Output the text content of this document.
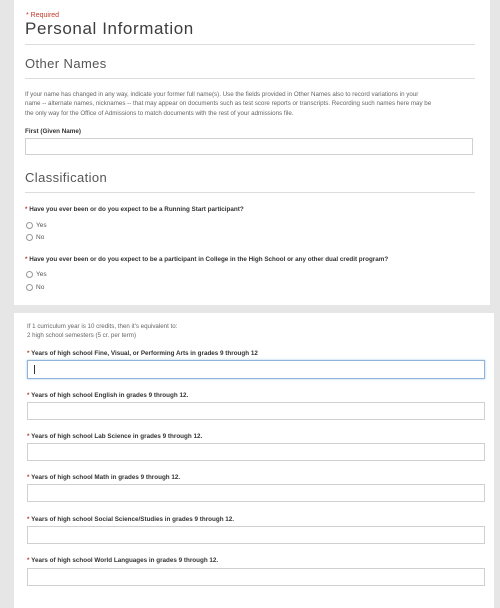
* Required
Personal Information
Other Names
If your name has changed in any way, indicate your former full name(s). Use the fields provided in Other Names also to record variations in your
name -- alternate names, nicknames -- that may appear on documents such as test score reports or transcripts. Recording such names here may be
the only way for the Office of Admissions to match documents with the rest of your admissions file.
First (Given Name)
Classification
* Have you ever been or do you expect to be a Running Start participant?
Yes
No
* Have you ever been or do you expect to be a participant in College in the High School or any other dual credit program?
Yes
No
If 1 curriculum year is 10 credits, then it's equivalent to:
2 high school semesters (5 cr. per term)
* Years of high school Fine, Visual, or Performing Arts in grades 9 through 12
* Years of high school English in grades 9 through 12.
* Years of high school Lab Science in grades 9 through 12.
* Years of high school Math in grades 9 through 12.
* Years of high school Social Science/Studies in grades 9 through 12.
* Years of high school World Languages in grades 9 through 12.
